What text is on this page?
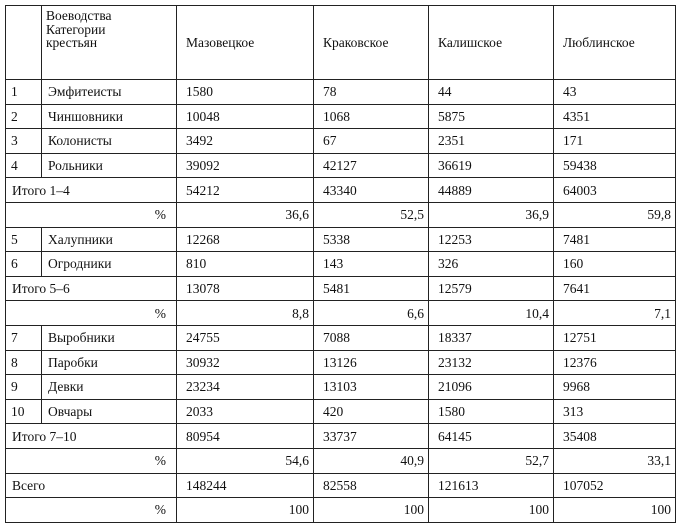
	Воеводства
Категории
крестьян	Мазовецкое	Краковское	Калишское	Люблинское
1	Эмфитеисты	1580	78	44	43
2	Чиншовники	10048	1068	5875	4351
3	Колонисты	3492	67	2351	171
4	Рольники	39092	42127	36619	59438
Итого 1–4		54212	43340	44889	64003
%		36,6	52,5	36,9	59,8
5	Халупники	12268	5338	12253	7481
6	Огродники	810	143	326	160
Итого 5–6		13078	5481	12579	7641
%		8,8	6,6	10,4	7,1
7	Выробники	24755	7088	18337	12751
8	Паробки	30932	13126	23132	12376
9	Девки	23234	13103	21096	9968
10	Овчары	2033	420	1580	313
Итого 7–10		80954	33737	64145	35408
%		54,6	40,9	52,7	33,1
Всего		148244	82558	121613	107052
%		100	100	100	100
